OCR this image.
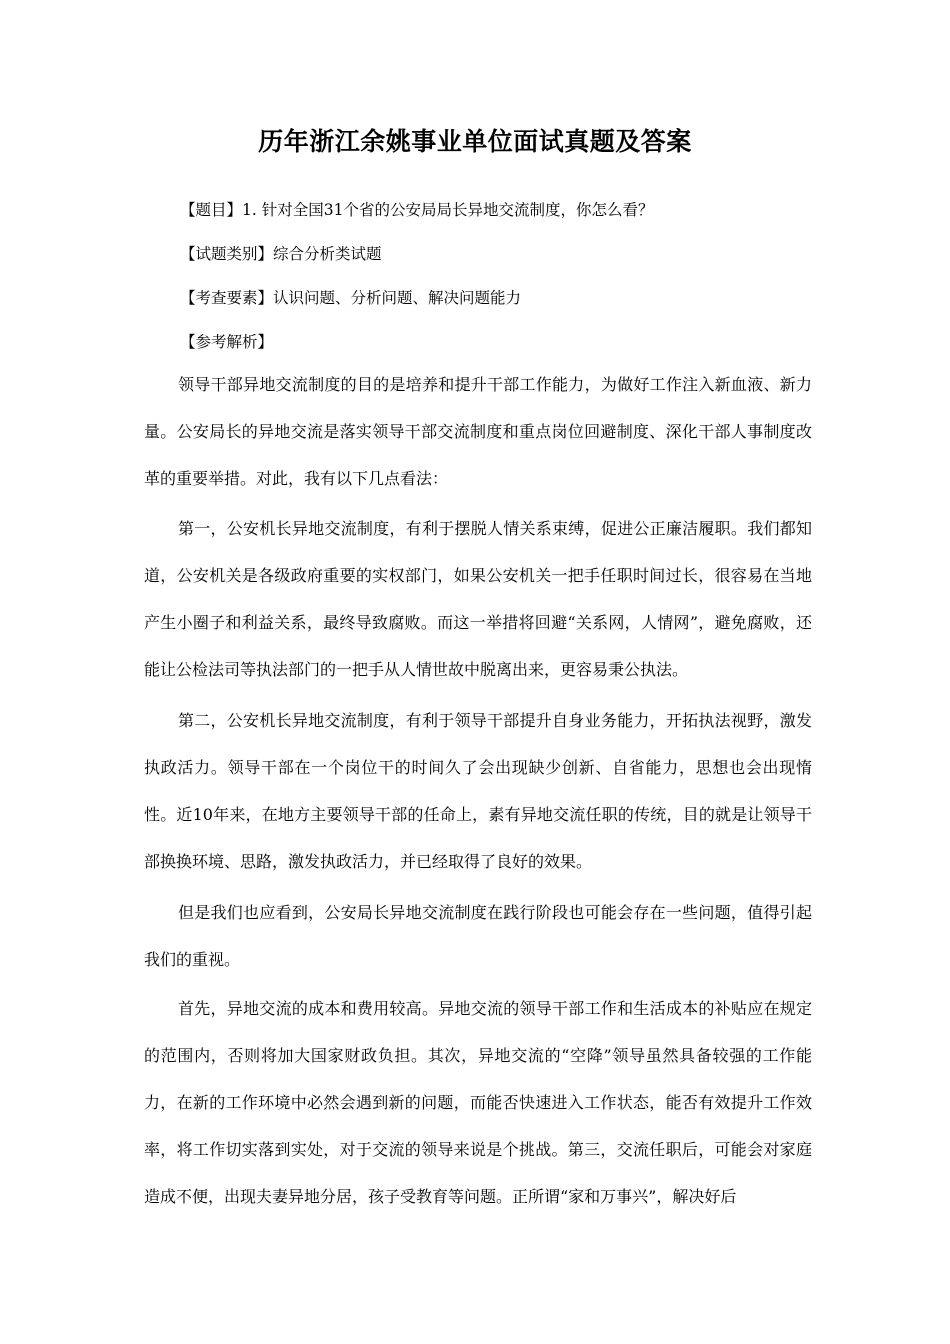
历年浙江余姚事业单位面试真题及答案
【题目】1. 针对全国31个省的公安局局长异地交流制度，你怎么看？
【试题类别】综合分析类试题
【考查要素】认识问题、分析问题、解决问题能力
【参考解析】

领导干部异地交流制度的目的是培养和提升干部工作能力，为做好工作注入新血液、新力量。公安局长的异地交流是落实领导干部交流制度和重点岗位回避制度、深化干部人事制度改革的重要举措。对此，我有以下几点看法：

第一，公安机长异地交流制度，有利于摆脱人情关系束缚，促进公正廉洁履职。我们都知道，公安机关是各级政府重要的实权部门，如果公安机关一把手任职时间过长，很容易在当地产生小圈子和利益关系，最终导致腐败。而这一举措将回避“关系网，人情网”，避免腐败，还能让公检法司等执法部门的一把手从人情世故中脱离出来，更容易秉公执法。

第二，公安机长异地交流制度，有利于领导干部提升自身业务能力，开拓执法视野，激发执政活力。领导干部在一个岗位干的时间久了会出现缺少创新、自省能力，思想也会出现惰性。近10年来，在地方主要领导干部的任命上，素有异地交流任职的传统，目的就是让领导干部换换环境、思路，激发执政活力，并已经取得了良好的效果。

但是我们也应看到，公安局长异地交流制度在践行阶段也可能会存在一些问题，值得引起我们的重视。

首先，异地交流的成本和费用较高。异地交流的领导干部工作和生活成本的补贴应在规定的范围内，否则将加大国家财政负担。其次，异地交流的“空降”领导虽然具备较强的工作能力，在新的工作环境中必然会遇到新的问题，而能否快速进入工作状态，能否有效提升工作效率，将工作切实落到实处，对于交流的领导来说是个挑战。第三，交流任职后，可能会对家庭造成不便，出现夫妻异地分居，孩子受教育等问题。正所谓“家和万事兴”，解决好后
